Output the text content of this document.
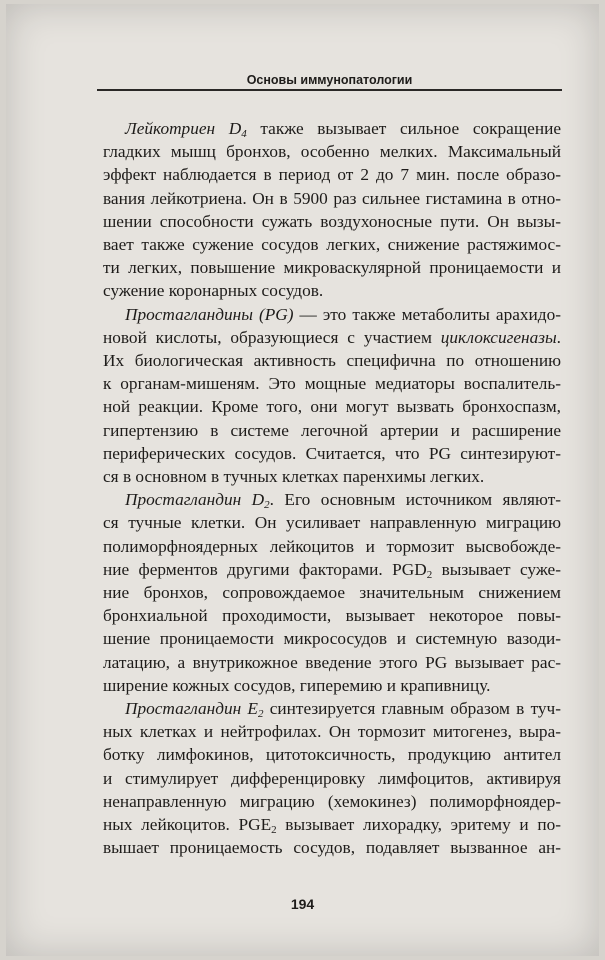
Основы иммунопатологии
Лейкотриен $D_4$ также вызывает сильное сокращение
гладких мышц бронхов, особенно мелких. Максимальный
эффект наблюдается в период от 2 до 7 мин. после образо-
вания лейкотриена. Он в 5900 раз сильнее гистамина в отно-
шении способности сужать воздухоносные пути. Он вызы-
вает также сужение сосудов легких, снижение растяжимос-
ти легких, повышение микроваскулярной проницаемости и
сужение коронарных сосудов.
Простагландины (PG) — это также метаболиты арахидо-
новой кислоты, образующиеся с участием циклоксигеназы.
Их биологическая активность специфична по отношению
к органам-мишеням. Это мощные медиаторы воспалитель-
ной реакции. Кроме того, они могут вызвать бронхоспазм,
гипертензию в системе легочной артерии и расширение
периферических сосудов. Считается, что PG синтезируют-
ся в основном в тучных клетках паренхимы легких.
Простагландин $D_2$. Его основным источником являют-
ся тучные клетки. Он усиливает направленную миграцию
полиморфноядерных лейкоцитов и тормозит высвобожде-
ние ферментов другими факторами. $PGD_2$ вызывает суже-
ние бронхов, сопровождаемое значительным снижением
бронхиальной проходимости, вызывает некоторое повы-
шение проницаемости микрососудов и системную вазоди-
латацию, а внутрикожное введение этого PG вызывает рас-
ширение кожных сосудов, гиперемию и крапивницу.
Простагландин $E_2$ синтезируется главным образом в туч-
ных клетках и нейтрофилах. Он тормозит митогенез, выра-
ботку лимфокинов, цитотоксичность, продукцию антител
и стимулирует дифференцировку лимфоцитов, активируя
ненаправленную миграцию (хемокинез) полиморфноядер-
ных лейкоцитов. $PGE_2$ вызывает лихорадку, эритему и по-
вышает проницаемость сосудов, подавляет вызванное ан-
194
